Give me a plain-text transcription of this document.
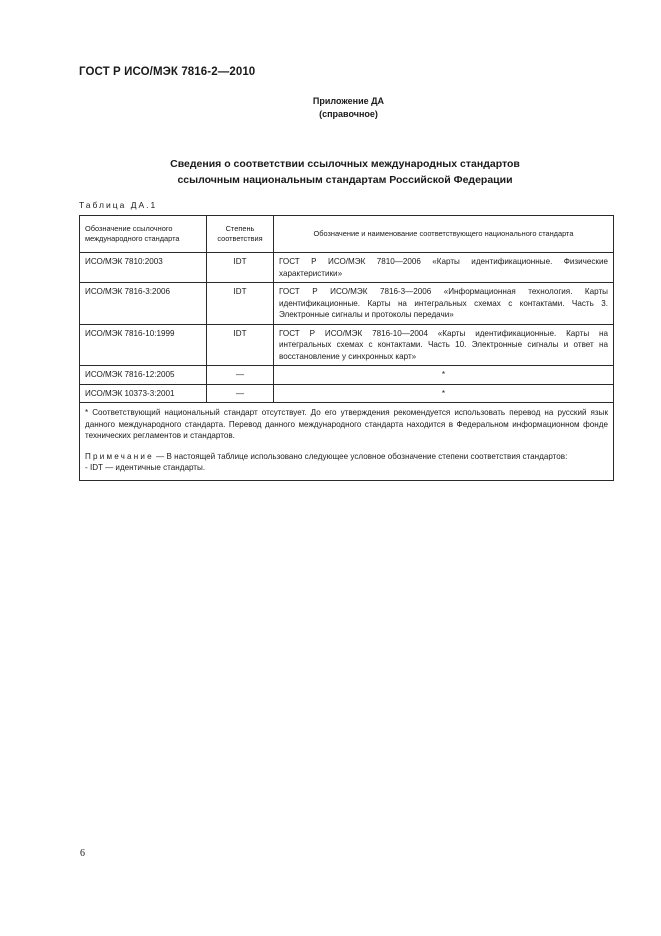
ГОСТ Р ИСО/МЭК 7816-2—2010
Приложение ДА
(справочное)
Сведения о соответствии ссылочных международных стандартов
ссылочным национальным стандартам Российской Федерации
Таблица ДА.1
Обозначение ссылочного международного стандарта	Степень соответствия	Обозначение и наименование соответствующего национального стандарта
ИСО/МЭК 7810:2003	IDT	ГОСТ Р ИСО/МЭК 7810—2006 «Карты идентификационные. Физические характеристики»
ИСО/МЭК 7816-3:2006	IDT	ГОСТ Р ИСО/МЭК 7816-3—2006 «Информационная технология. Карты идентификационные. Карты на интегральных схемах с контактами. Часть 3. Электронные сигналы и протоколы передачи»
ИСО/МЭК 7816-10:1999	IDT	ГОСТ Р ИСО/МЭК 7816-10—2004 «Карты идентификационные. Карты на интегральных схемах с контактами. Часть 10. Электронные сигналы и ответ на восстановление у синхронных карт»
ИСО/МЭК 7816-12:2005	—	*
ИСО/МЭК 10373-3:2001	—	*

* Соответствующий национальный стандарт отсутствует. До его утверждения рекомендуется использовать перевод на русский язык данного международного стандарта. Перевод данного международного стандарта находится в Федеральном информационном фонде технических регламентов и стандартов.

Примечание — В настоящей таблице использовано следующее условное обозначение степени соответствия стандартов:

- IDT — идентичные стандарты.		

6
